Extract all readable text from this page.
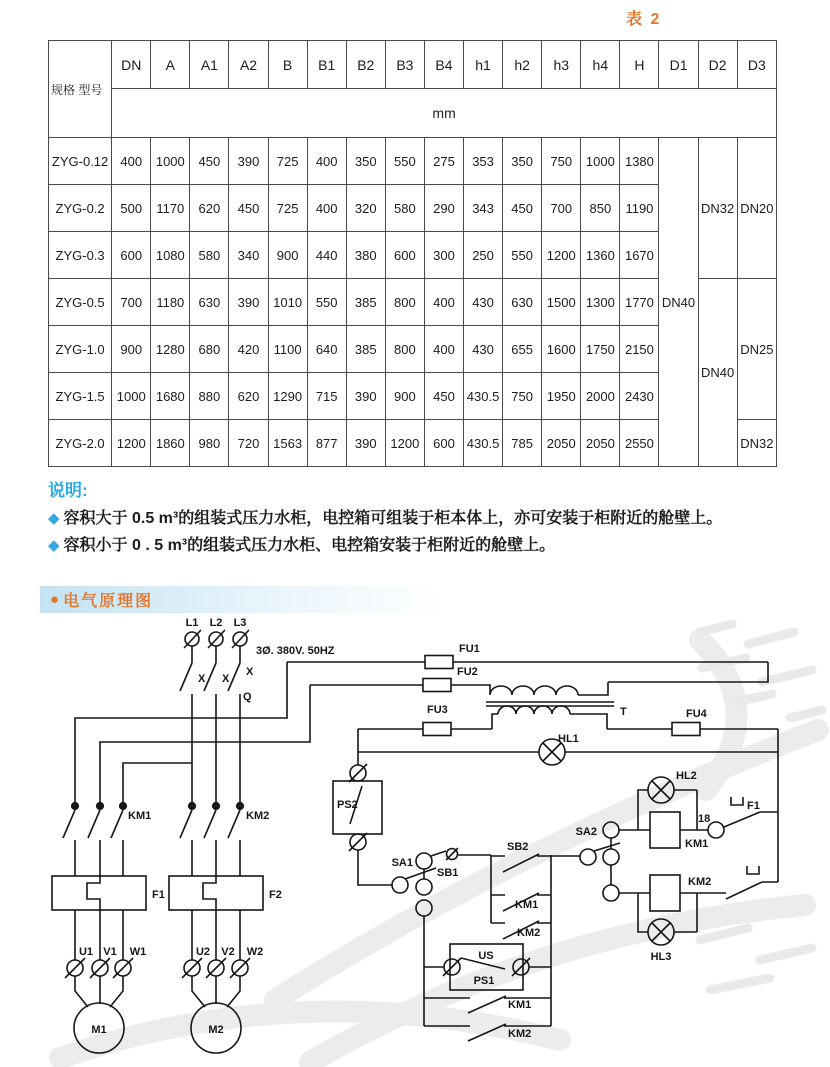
表 2
规格 型号	DN	A	A1	A2	B	B1	B2	B3	B4	h1	h2	h3	h4	H	D1	D2	D3
	mm																
ZYG-0.12	400	1000	450	390	725	400	350	550	275	353	350	750	1000	1380	DN40	DN32	DN20
ZYG-0.2	500	1170	620	450	725	400	320	580	290	343	450	700	850	1190			
ZYG-0.3	600	1080	580	340	900	440	380	600	300	250	550	1200	1360	1670			
ZYG-0.5	700	1180	630	390	1010	550	385	800	400	430	630	1500	1300	1770		DN40	DN25
ZYG-1.0	900	1280	680	420	1100	640	385	800	400	430	655	1600	1750	2150			
ZYG-1.5	1000	1680	880	620	1290	715	390	900	450	430.5	750	1950	2000	2430			
ZYG-2.0	1200	1860	980	720	1563	877	390	1200	600	430.5	785	2050	2050	2550			DN32
说明:
◆ 容积大于 0.5 m³的组装式压力水柜，电控箱可组装于柜本体上，亦可安装于柜附近的舱壁上。
◆ 容积小于 0 . 5 m³的组装式压力水柜、电控箱安装于柜附近的舱壁上。
● 电气原理图
L1 L2 L3
X X
X
Q
3Ø. 380V. 50HZ	FU1
FU2
FU3	FU4
T
HL1
HL2
HL3
KM1	KM2
F1	F2
U1 V1 W1	U2 V2 W2
M1	M2
PS2
SA1
SB1
SB2
KM1
KM2
SA2
18
F1
KM1
KM2
US
PS1
KM1
KM2
